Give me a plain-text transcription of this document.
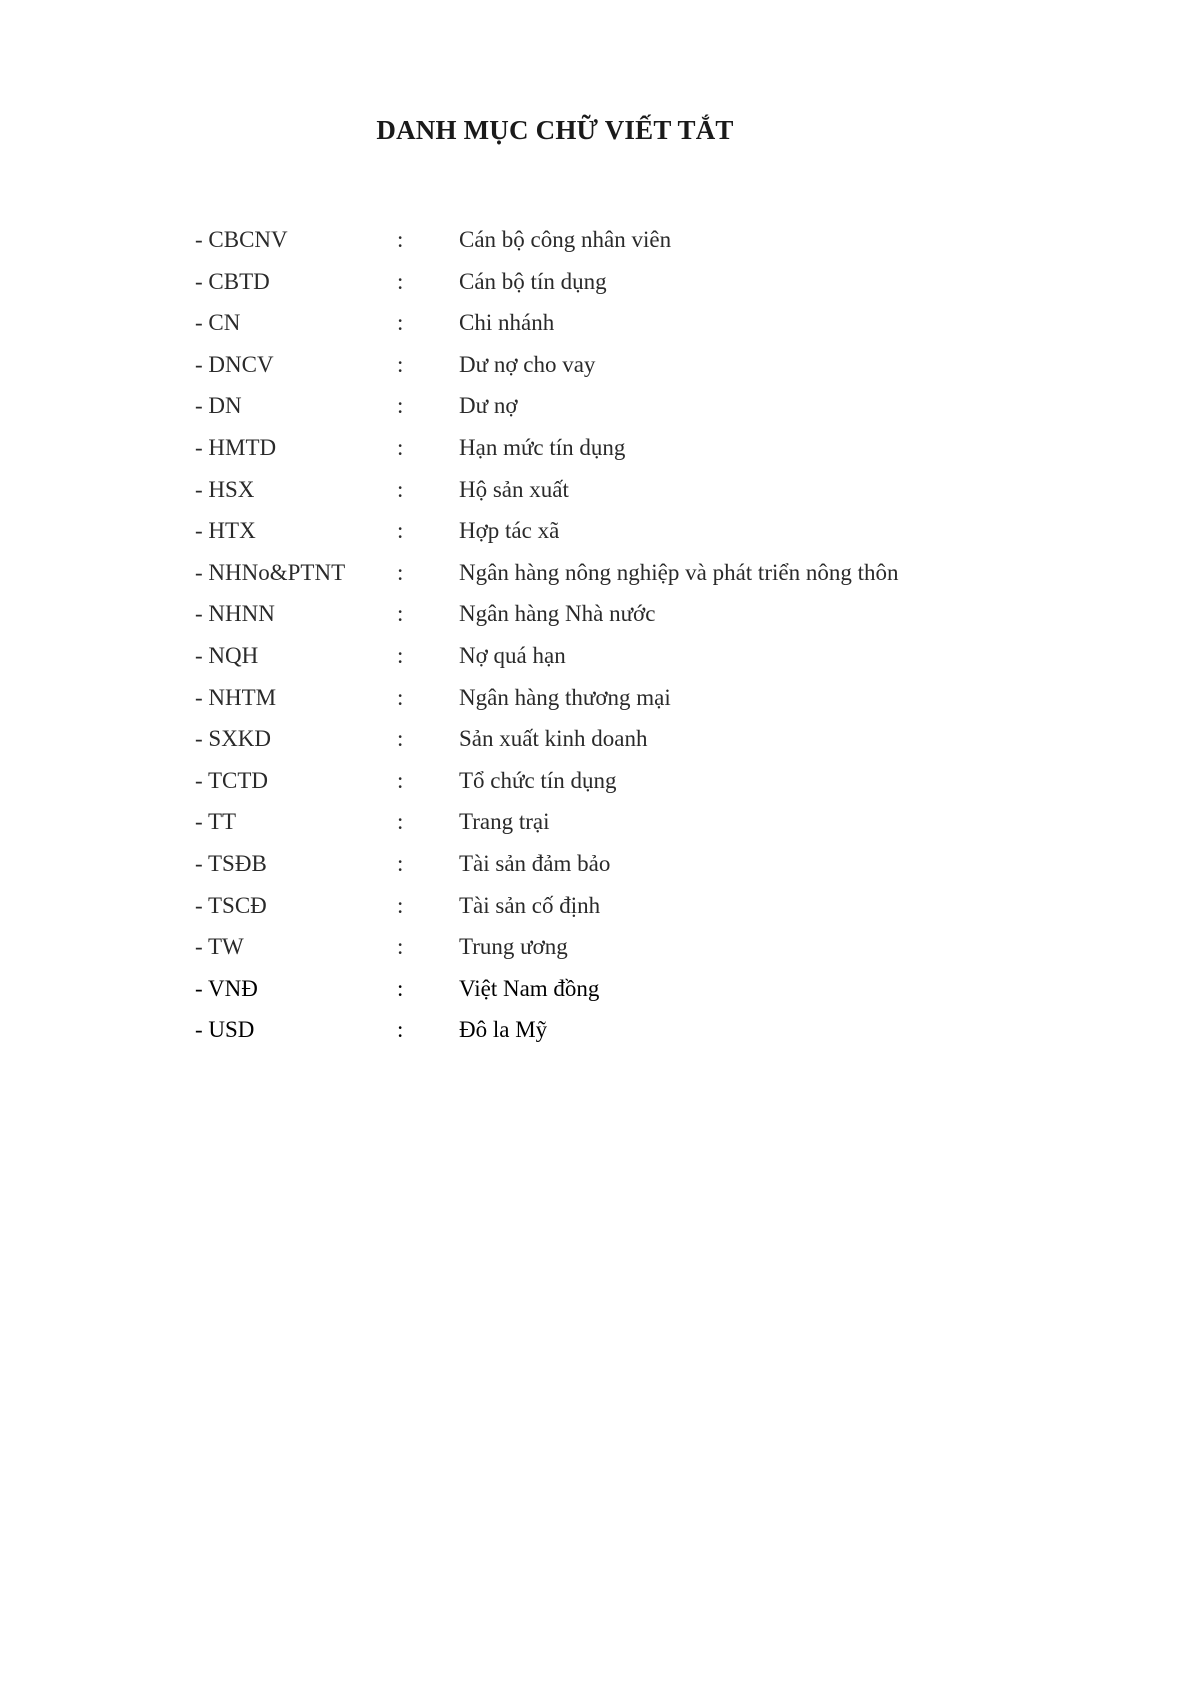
DANH MỤC CHỮ VIẾT TẮT
- CBCNV	: Cán bộ công nhân viên
- CBTD	: Cán bộ tín dụng
- CN	: Chi nhánh
- DNCV	: Dư nợ cho vay
- DN	: Dư nợ
- HMTD	: Hạn mức tín dụng
- HSX	: Hộ sản xuất
- HTX	: Hợp tác xã
- NHNo&PTNT : Ngân hàng nông nghiệp và phát triển nông thôn
- NHNN	: Ngân hàng Nhà nước
- NQH	: Nợ quá hạn
- NHTM	: Ngân hàng thương mại
- SXKD	: Sản xuất kinh doanh
- TCTD	: Tổ chức tín dụng
- TT	: Trang trại
- TSĐB	: Tài sản đảm bảo
- TSCĐ	: Tài sản cố định
- TW	: Trung ương
- VNĐ	: Việt Nam đồng
- USD	: Đô la Mỹ
